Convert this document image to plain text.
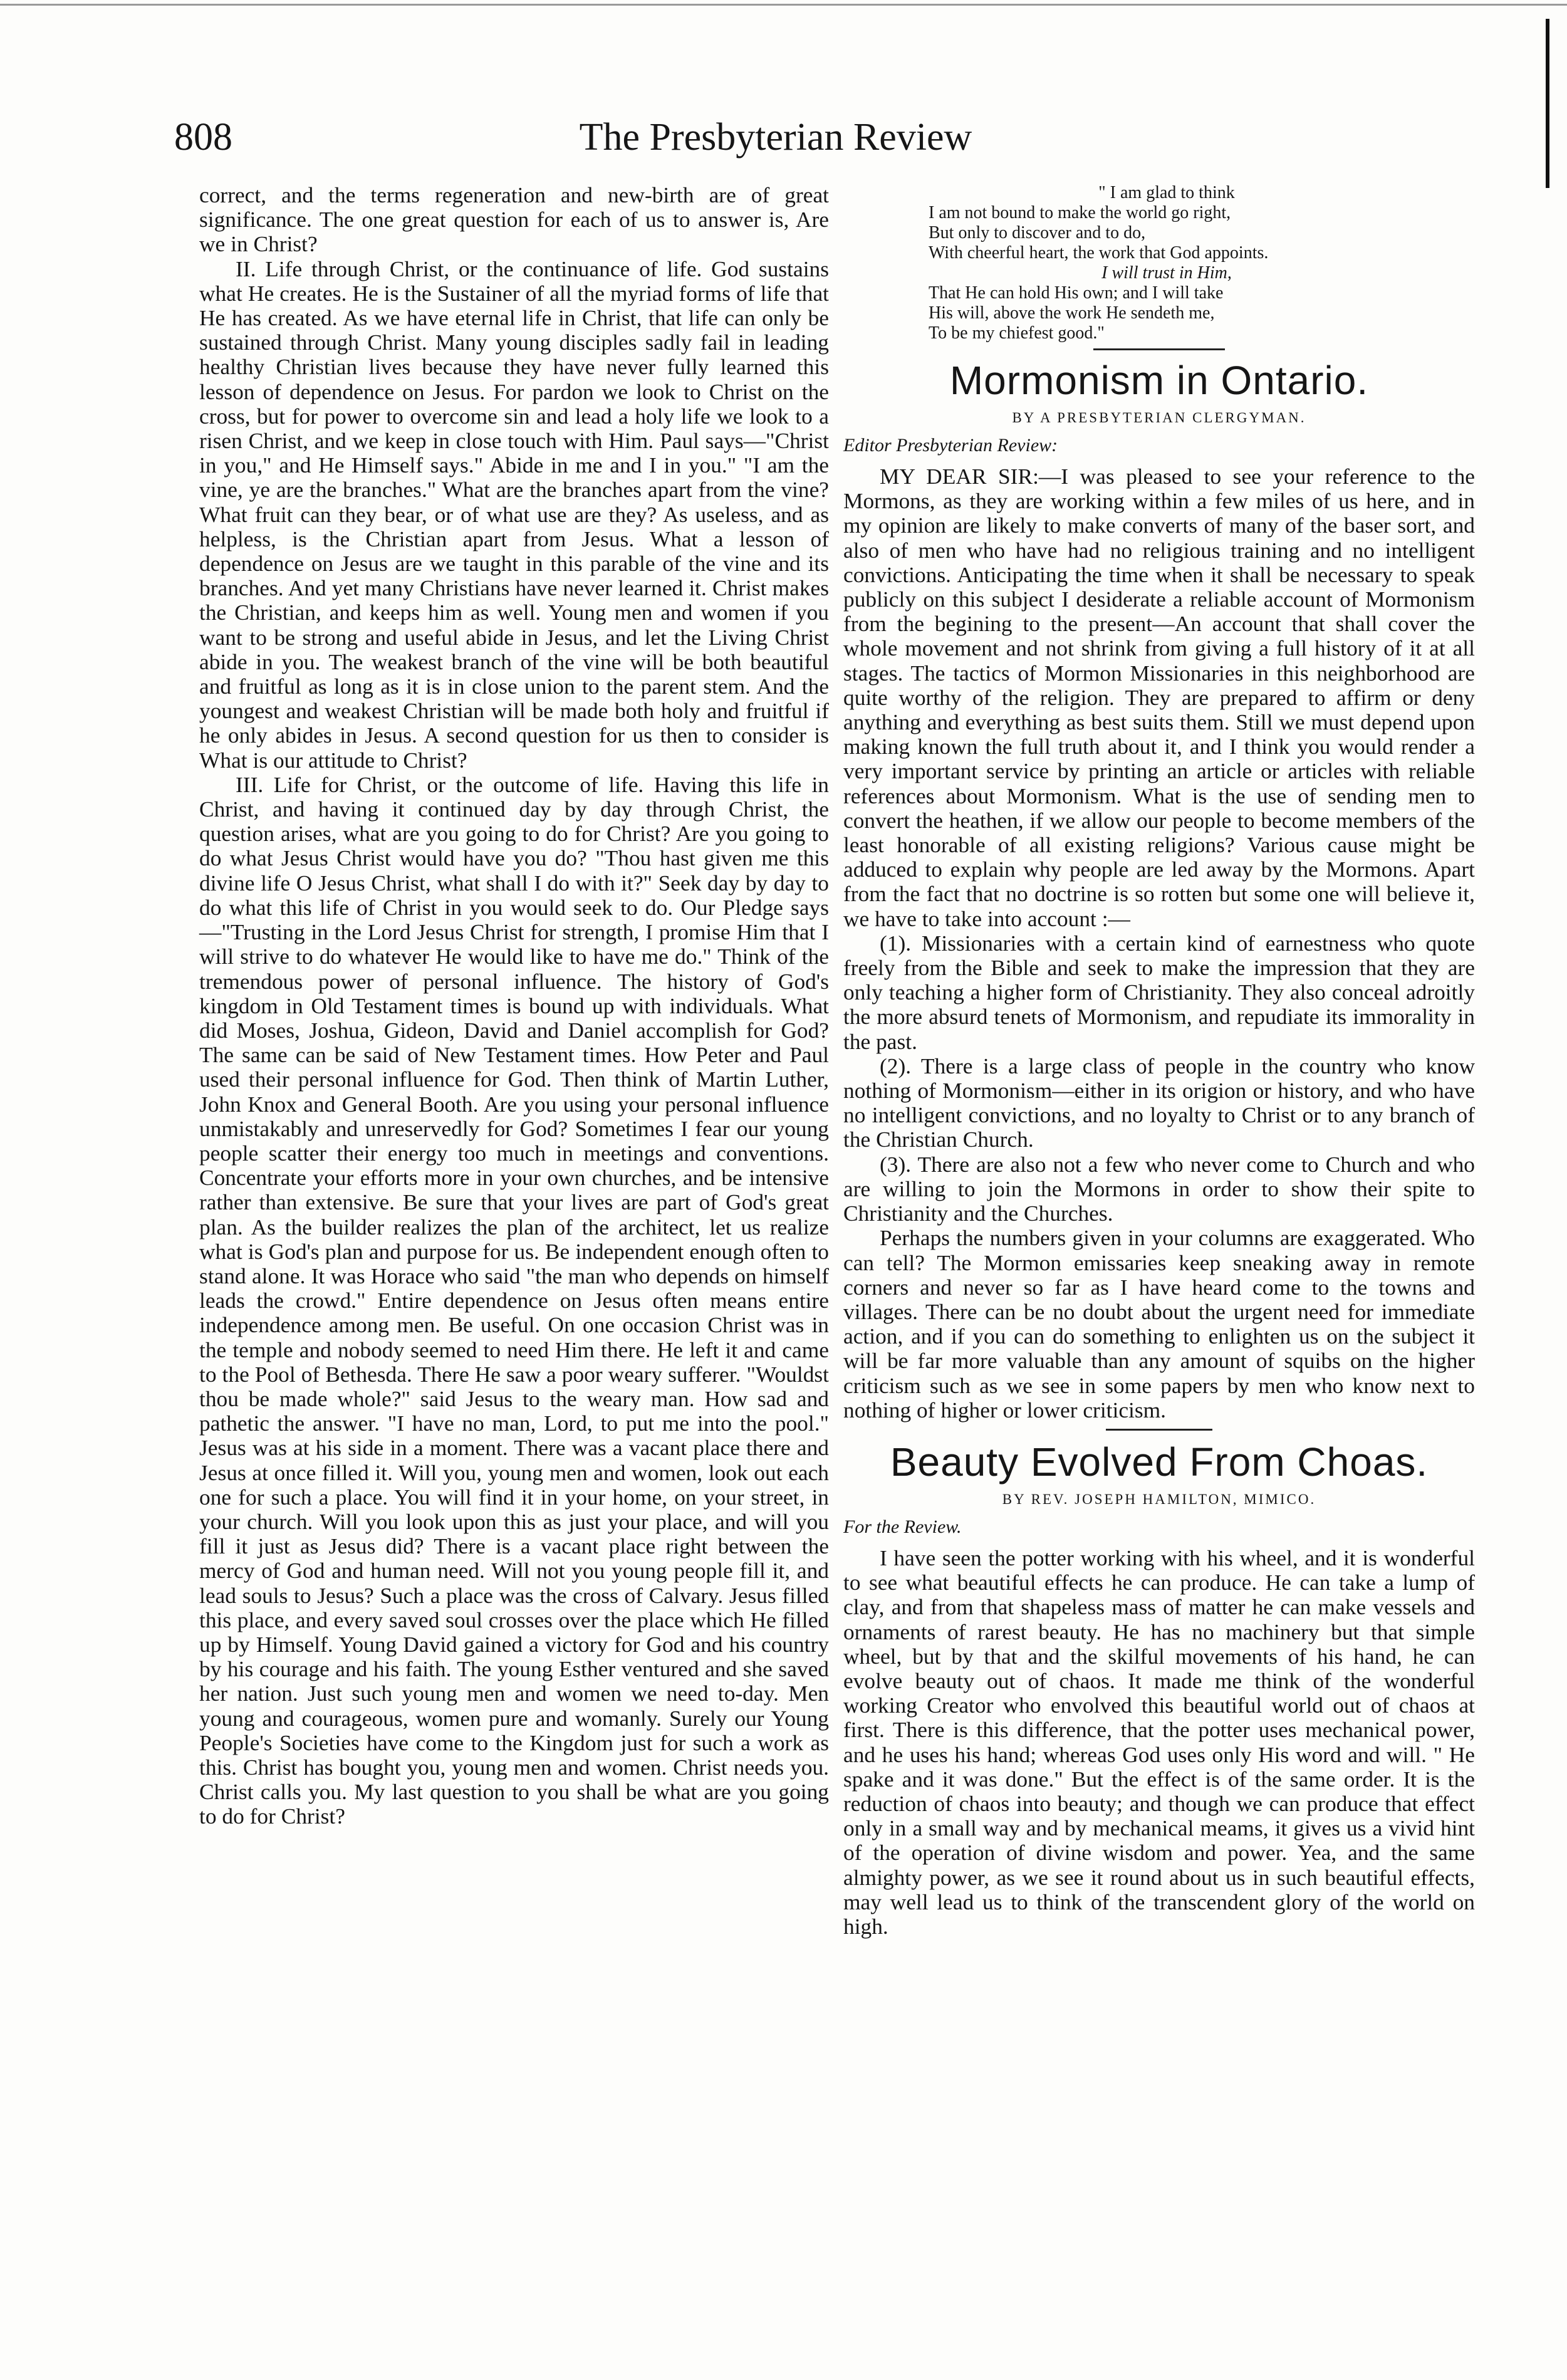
808	The Presbyterian Review

correct, and the terms regeneration and new-birth are of great significance. The one great question for each of us to answer is, Are we in Christ?

II. Life through Christ, or the continuance of life. God sustains what He creates. He is the Sustainer of all the myriad forms of life that He has created. As we have eternal life in Christ, that life can only be sustained through Christ. Many young disciples sadly fail in leading healthy Christian lives because they have never fully learned this lesson of dependence on Jesus. For pardon we look to Christ on the cross, but for power to overcome sin and lead a holy life we look to a risen Christ, and we keep in close touch with Him. Paul says—"Christ in you," and He Himself says." Abide in me and I in you." "I am the vine, ye are the branches." What are the branches apart from the vine? What fruit can they bear, or of what use are they? As useless, and as helpless, is the Christian apart from Jesus. What a lesson of dependence on Jesus are we taught in this parable of the vine and its branches. And yet many Christians have never learned it. Christ makes the Christian, and keeps him as well. Young men and women if you want to be strong and useful abide in Jesus, and let the Living Christ abide in you. The weakest branch of the vine will be both beautiful and fruitful as long as it is in close union to the parent stem. And the youngest and weakest Christian will be made both holy and fruitful if he only abides in Jesus. A second question for us then to consider is What is our attitude to Christ?

III. Life for Christ, or the outcome of life. Having this life in Christ, and having it continued day by day through Christ, the question arises, what are you going to do for Christ? Are you going to do what Jesus Christ would have you do? "Thou hast given me this divine life O Jesus Christ, what shall I do with it?" Seek day by day to do what this life of Christ in you would seek to do. Our Pledge says—"Trusting in the Lord Jesus Christ for strength, I promise Him that I will strive to do whatever He would like to have me do." Think of the tremendous power of personal influence. The history of God's kingdom in Old Testament times is bound up with individuals. What did Moses, Joshua, Gideon, David and Daniel accomplish for God? The same can be said of New Testament times. How Peter and Paul used their personal influence for God. Then think of Martin Luther, John Knox and General Booth. Are you using your personal influence unmistakably and unreservedly for God? Sometimes I fear our young people scatter their energy too much in meetings and conventions. Concentrate your efforts more in your own churches, and be intensive rather than extensive. Be sure that your lives are part of God's great plan. As the builder realizes the plan of the architect, let us realize what is God's plan and purpose for us. Be independent enough often to stand alone. It was Horace who said "the man who depends on himself leads the crowd." Entire dependence on Jesus often means entire independence among men. Be useful. On one occasion Christ was in the temple and nobody seemed to need Him there. He left it and came to the Pool of Bethesda. There He saw a poor weary sufferer. "Wouldst thou be made whole?" said Jesus to the weary man. How sad and pathetic the answer. "I have no man, Lord, to put me into the pool." Jesus was at his side in a moment. There was a vacant place there and Jesus at once filled it. Will you, young men and women, look out each one for such a place. You will find it in your home, on your street, in your church. Will you look upon this as just your place, and will you fill it just as Jesus did? There is a vacant place right between the mercy of God and human need. Will not you young people fill it, and lead souls to Jesus? Such a place was the cross of Calvary. Jesus filled this place, and every saved soul crosses over the place which He filled up by Himself. Young David gained a victory for God and his country by his courage and his faith. The young Esther ventured and she saved her nation. Just such young men and women we need to-day. Men young and courageous, women pure and womanly. Surely our Young People's Societies have come to the Kingdom just for such a work as this. Christ has bought you, young men and women. Christ needs you. Christ calls you. My last question to you shall be what are you going to do for Christ?

" I am glad to think
I am not bound to make the world go right,
But only to discover and to do,
With cheerful heart, the work that God appoints.
I will trust in Him,
That He can hold His own; and I will take
His will, above the work He sendeth me,
To be my chiefest good."
Mormonism in Ontario.
BY A PRESBYTERIAN CLERGYMAN.
Editor Presbyterian Review:

MY DEAR SIR:—I was pleased to see your reference to the Mormons, as they are working within a few miles of us here, and in my opinion are likely to make converts of many of the baser sort, and also of men who have had no religious training and no intelligent convictions. Anticipating the time when it shall be necessary to speak publicly on this subject I desiderate a reliable account of Mormonism from the begining to the present—An account that shall cover the whole movement and not shrink from giving a full history of it at all stages. The tactics of Mormon Missionaries in this neighborhood are quite worthy of the religion. They are prepared to affirm or deny anything and everything as best suits them. Still we must depend upon making known the full truth about it, and I think you would render a very important service by printing an article or articles with reliable references about Mormonism. What is the use of sending men to convert the heathen, if we allow our people to become members of the least honorable of all existing religions? Various cause might be adduced to explain why people are led away by the Mormons. Apart from the fact that no doctrine is so rotten but some one will believe it, we have to take into account :—

(1). Missionaries with a certain kind of earnestness who quote freely from the Bible and seek to make the impression that they are only teaching a higher form of Christianity. They also conceal adroitly the more absurd tenets of Mormonism, and repudiate its immorality in the past.

(2). There is a large class of people in the country who know nothing of Mormonism—either in its origion or history, and who have no intelligent convictions, and no loyalty to Christ or to any branch of the Christian Church.

(3). There are also not a few who never come to Church and who are willing to join the Mormons in order to show their spite to Christianity and the Churches.

Perhaps the numbers given in your columns are exaggerated. Who can tell? The Mormon emissaries keep sneaking away in remote corners and never so far as I have heard come to the towns and villages. There can be no doubt about the urgent need for immediate action, and if you can do something to enlighten us on the subject it will be far more valuable than any amount of squibs on the higher criticism such as we see in some papers by men who know next to nothing of higher or lower criticism.

Beauty Evolved From Choas.
BY REV. JOSEPH HAMILTON, MIMICO.
For the Review.

I have seen the potter working with his wheel, and it is wonderful to see what beautiful effects he can produce. He can take a lump of clay, and from that shapeless mass of matter he can make vessels and ornaments of rarest beauty. He has no machinery but that simple wheel, but by that and the skilful movements of his hand, he can evolve beauty out of chaos. It made me think of the wonderful working Creator who envolved this beautiful world out of chaos at first. There is this difference, that the potter uses mechanical power, and he uses his hand; whereas God uses only His word and will. " He spake and it was done." But the effect is of the same order. It is the reduction of chaos into beauty; and though we can produce that effect only in a small way and by mechanical meams, it gives us a vivid hint of the operation of divine wisdom and power. Yea, and the same almighty power, as we see it round about us in such beautiful effects, may well lead us to think of the transcendent glory of the world on high.
